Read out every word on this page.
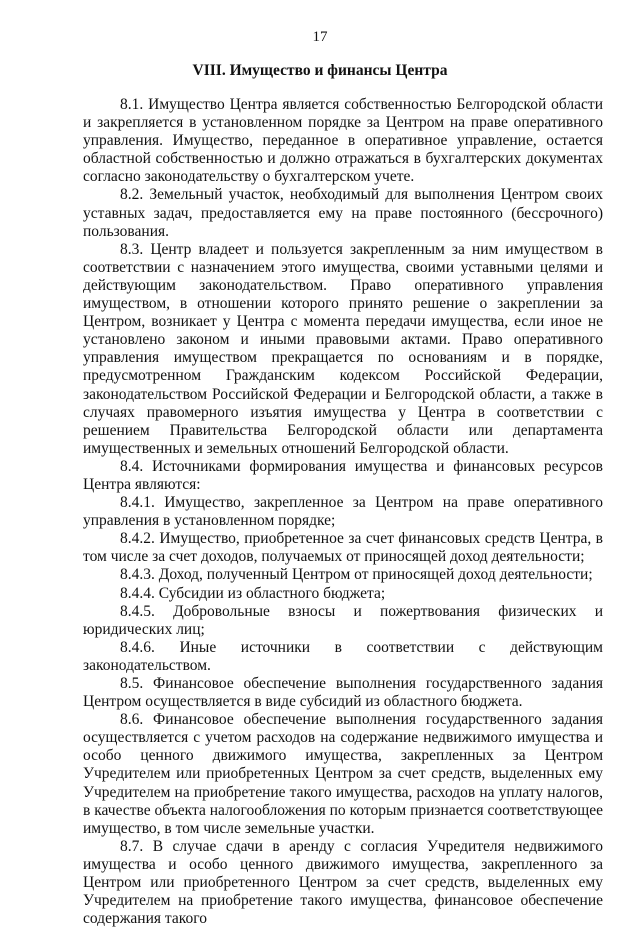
17
VIII. Имущество и финансы Центра

8.1. Имущество Центра является собственностью Белгородской области и закрепляется в установленном порядке за Центром на праве оперативного управления. Имущество, переданное в оперативное управление, остается областной собственностью и должно отражаться в бухгалтерских документах согласно законодательству о бухгалтерском учете.

8.2. Земельный участок, необходимый для выполнения Центром своих уставных задач, предоставляется ему на праве постоянного (бессрочного) пользования.

8.3. Центр владеет и пользуется закрепленным за ним имуществом в соответствии с назначением этого имущества, своими уставными целями и действующим законодательством. Право оперативного управления имуществом, в отношении которого принято решение о закреплении за Центром, возникает у Центра с момента передачи имущества, если иное не установлено законом и иными правовыми актами. Право оперативного управления имуществом прекращается по основаниям и в порядке, предусмотренном Гражданским кодексом Российской Федерации, законодательством Российской Федерации и Белгородской области, а также в случаях правомерного изъятия имущества у Центра в соответствии с решением Правительства Белгородской области или департамента имущественных и земельных отношений Белгородской области.

8.4. Источниками формирования имущества и финансовых ресурсов Центра являются:

8.4.1. Имущество, закрепленное за Центром на праве оперативного управления в установленном порядке;

8.4.2. Имущество, приобретенное за счет финансовых средств Центра, в том числе за счет доходов, получаемых от приносящей доход деятельности;

8.4.3. Доход, полученный Центром от приносящей доход деятельности;

8.4.4. Субсидии из областного бюджета;

8.4.5. Добровольные взносы и пожертвования физических и юридических лиц;

8.4.6. Иные источники в соответствии с действующим законодательством.

8.5. Финансовое обеспечение выполнения государственного задания Центром осуществляется в виде субсидий из областного бюджета.

8.6. Финансовое обеспечение выполнения государственного задания осуществляется с учетом расходов на содержание недвижимого имущества и особо ценного движимого имущества, закрепленных за Центром Учредителем или приобретенных Центром за счет средств, выделенных ему Учредителем на приобретение такого имущества, расходов на уплату налогов, в качестве объекта налогообложения по которым признается соответствующее имущество, в том числе земельные участки.

8.7. В случае сдачи в аренду с согласия Учредителя недвижимого имущества и особо ценного движимого имущества, закрепленного за Центром или приобретенного Центром за счет средств, выделенных ему Учредителем на приобретение такого имущества, финансовое обеспечение содержания такого
